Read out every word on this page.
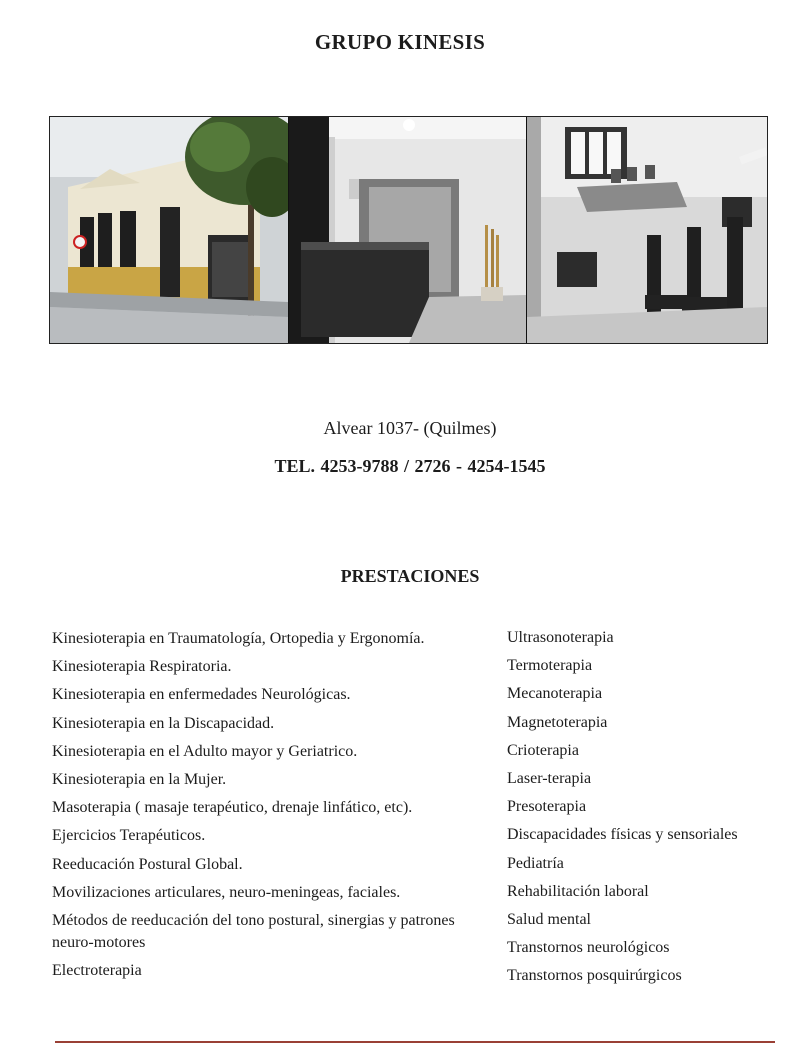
GRUPO KINESIS
Alvear 1037- (Quilmes)
TEL. 4253-9788 / 2726 - 4254-1545
PRESTACIONES
Kinesioterapia en Traumatología, Ortopedia y Ergonomía.
Kinesioterapia Respiratoria.
Kinesioterapia en enfermedades Neurológicas.
Kinesioterapia en la Discapacidad.
Kinesioterapia en el Adulto mayor y Geriatrico.
Kinesioterapia en la Mujer.
Masoterapia ( masaje terapéutico, drenaje linfático, etc).
Ejercicios Terapéuticos.
Reeducación Postural Global.
Movilizaciones articulares, neuro-meningeas, faciales.
Métodos de reeducación del tono postural, sinergias y patrones neuro-motores
Electroterapia
Ultrasonoterapia
Termoterapia
Mecanoterapia
Magnetoterapia
Crioterapia
Laser-terapia
Presoterapia
Discapacidades físicas y sensoriales
Pediatría
Rehabilitación laboral
Salud mental
Transtornos neurológicos
Transtornos posquirúrgicos
